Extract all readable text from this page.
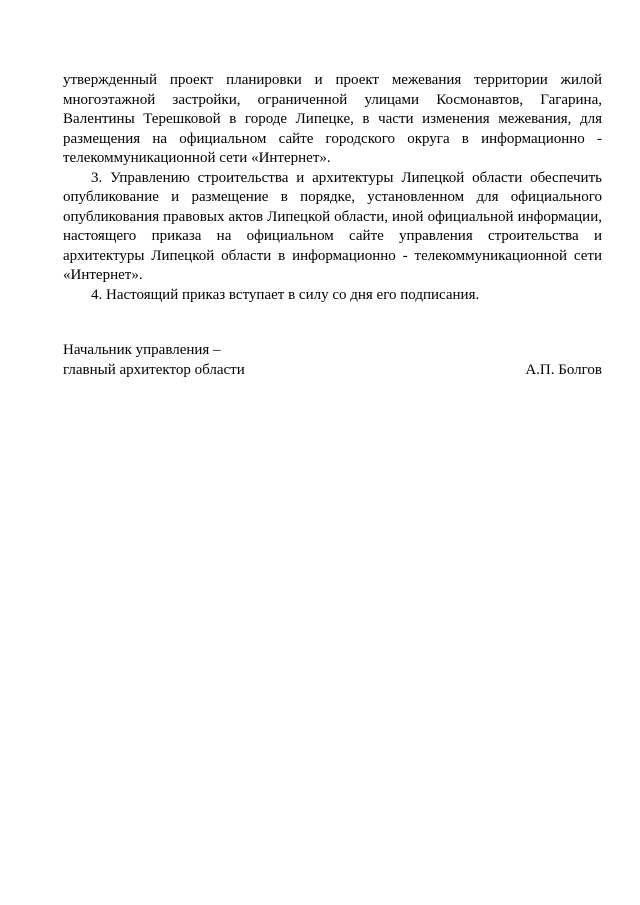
утвержденный проект планировки и проект межевания территории жилой
многоэтажной застройки, ограниченной улицами Космонавтов, Гагарина,
Валентины Терешковой в городе Липецке, в части изменения межевания, для
размещения на официальном сайте городского округа в информационно -
телекоммуникационной сети «Интернет».
3. Управлению строительства и архитектуры Липецкой области обеспечить
опубликование и размещение в порядке, установленном для официального
опубликования правовых актов Липецкой области, иной официальной информации,
настоящего приказа на официальном сайте управления строительства и
архитектуры Липецкой области в информационно - телекоммуникационной сети
«Интернет».
4. Настоящий приказ вступает в силу со дня его подписания.
Начальник управления –
главный архитектор области	А.П. Болгов
